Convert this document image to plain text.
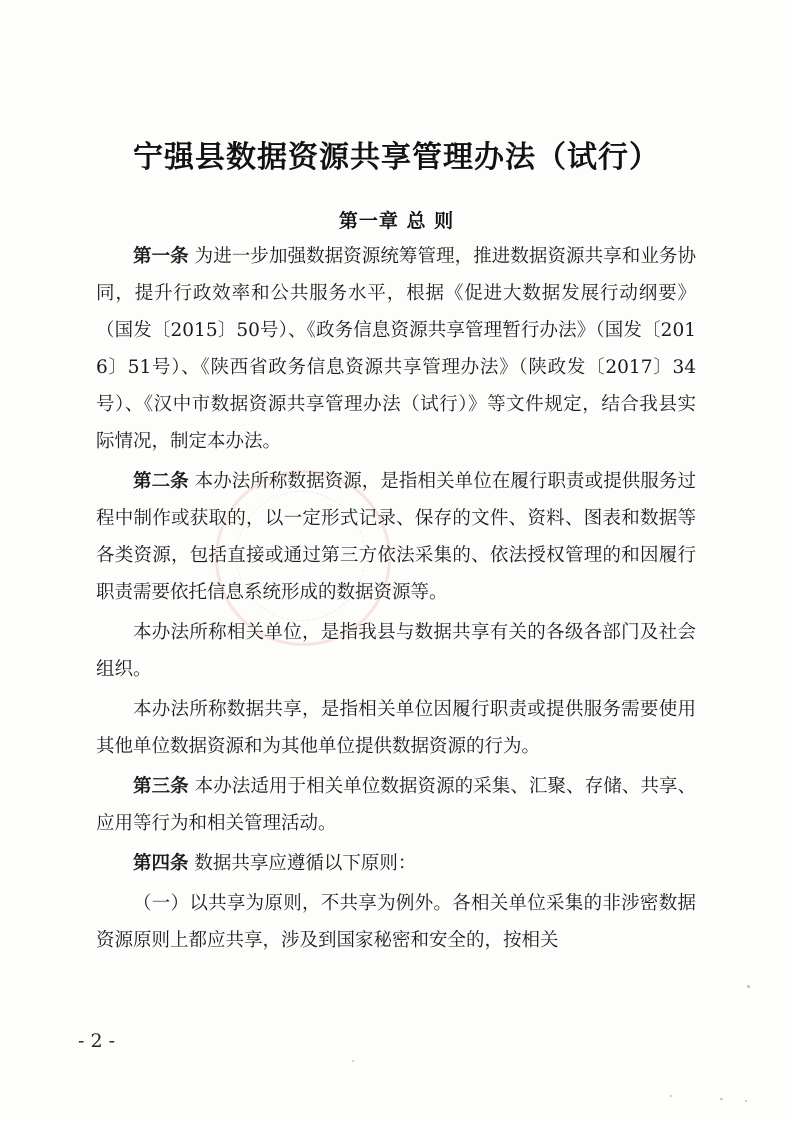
宁强县数据资源共享管理办法（试行）
第一章 总 则

第一条 为进一步加强数据资源统筹管理，推进数据资源共享和业务协同，提升行政效率和公共服务水平，根据《促进大数据发展行动纲要》（国发〔2015〕50号）、《政务信息资源共享管理暂行办法》（国发〔2016〕51号）、《陕西省政务信息资源共享管理办法》（陕政发〔2017〕34号）、《汉中市数据资源共享管理办法（试行）》等文件规定，结合我县实际情况，制定本办法。

第二条 本办法所称数据资源，是指相关单位在履行职责或提供服务过程中制作或获取的，以一定形式记录、保存的文件、资料、图表和数据等各类资源，包括直接或通过第三方依法采集的、依法授权管理的和因履行职责需要依托信息系统形成的数据资源等。

本办法所称相关单位，是指我县与数据共享有关的各级各部门及社会组织。

本办法所称数据共享，是指相关单位因履行职责或提供服务需要使用其他单位数据资源和为其他单位提供数据资源的行为。

第三条 本办法适用于相关单位数据资源的采集、汇聚、存储、共享、应用等行为和相关管理活动。

第四条 数据共享应遵循以下原则：

（一）以共享为原则，不共享为例外。各相关单位采集的非涉密数据资源原则上都应共享，涉及到国家秘密和安全的，按相关

- 2 -
